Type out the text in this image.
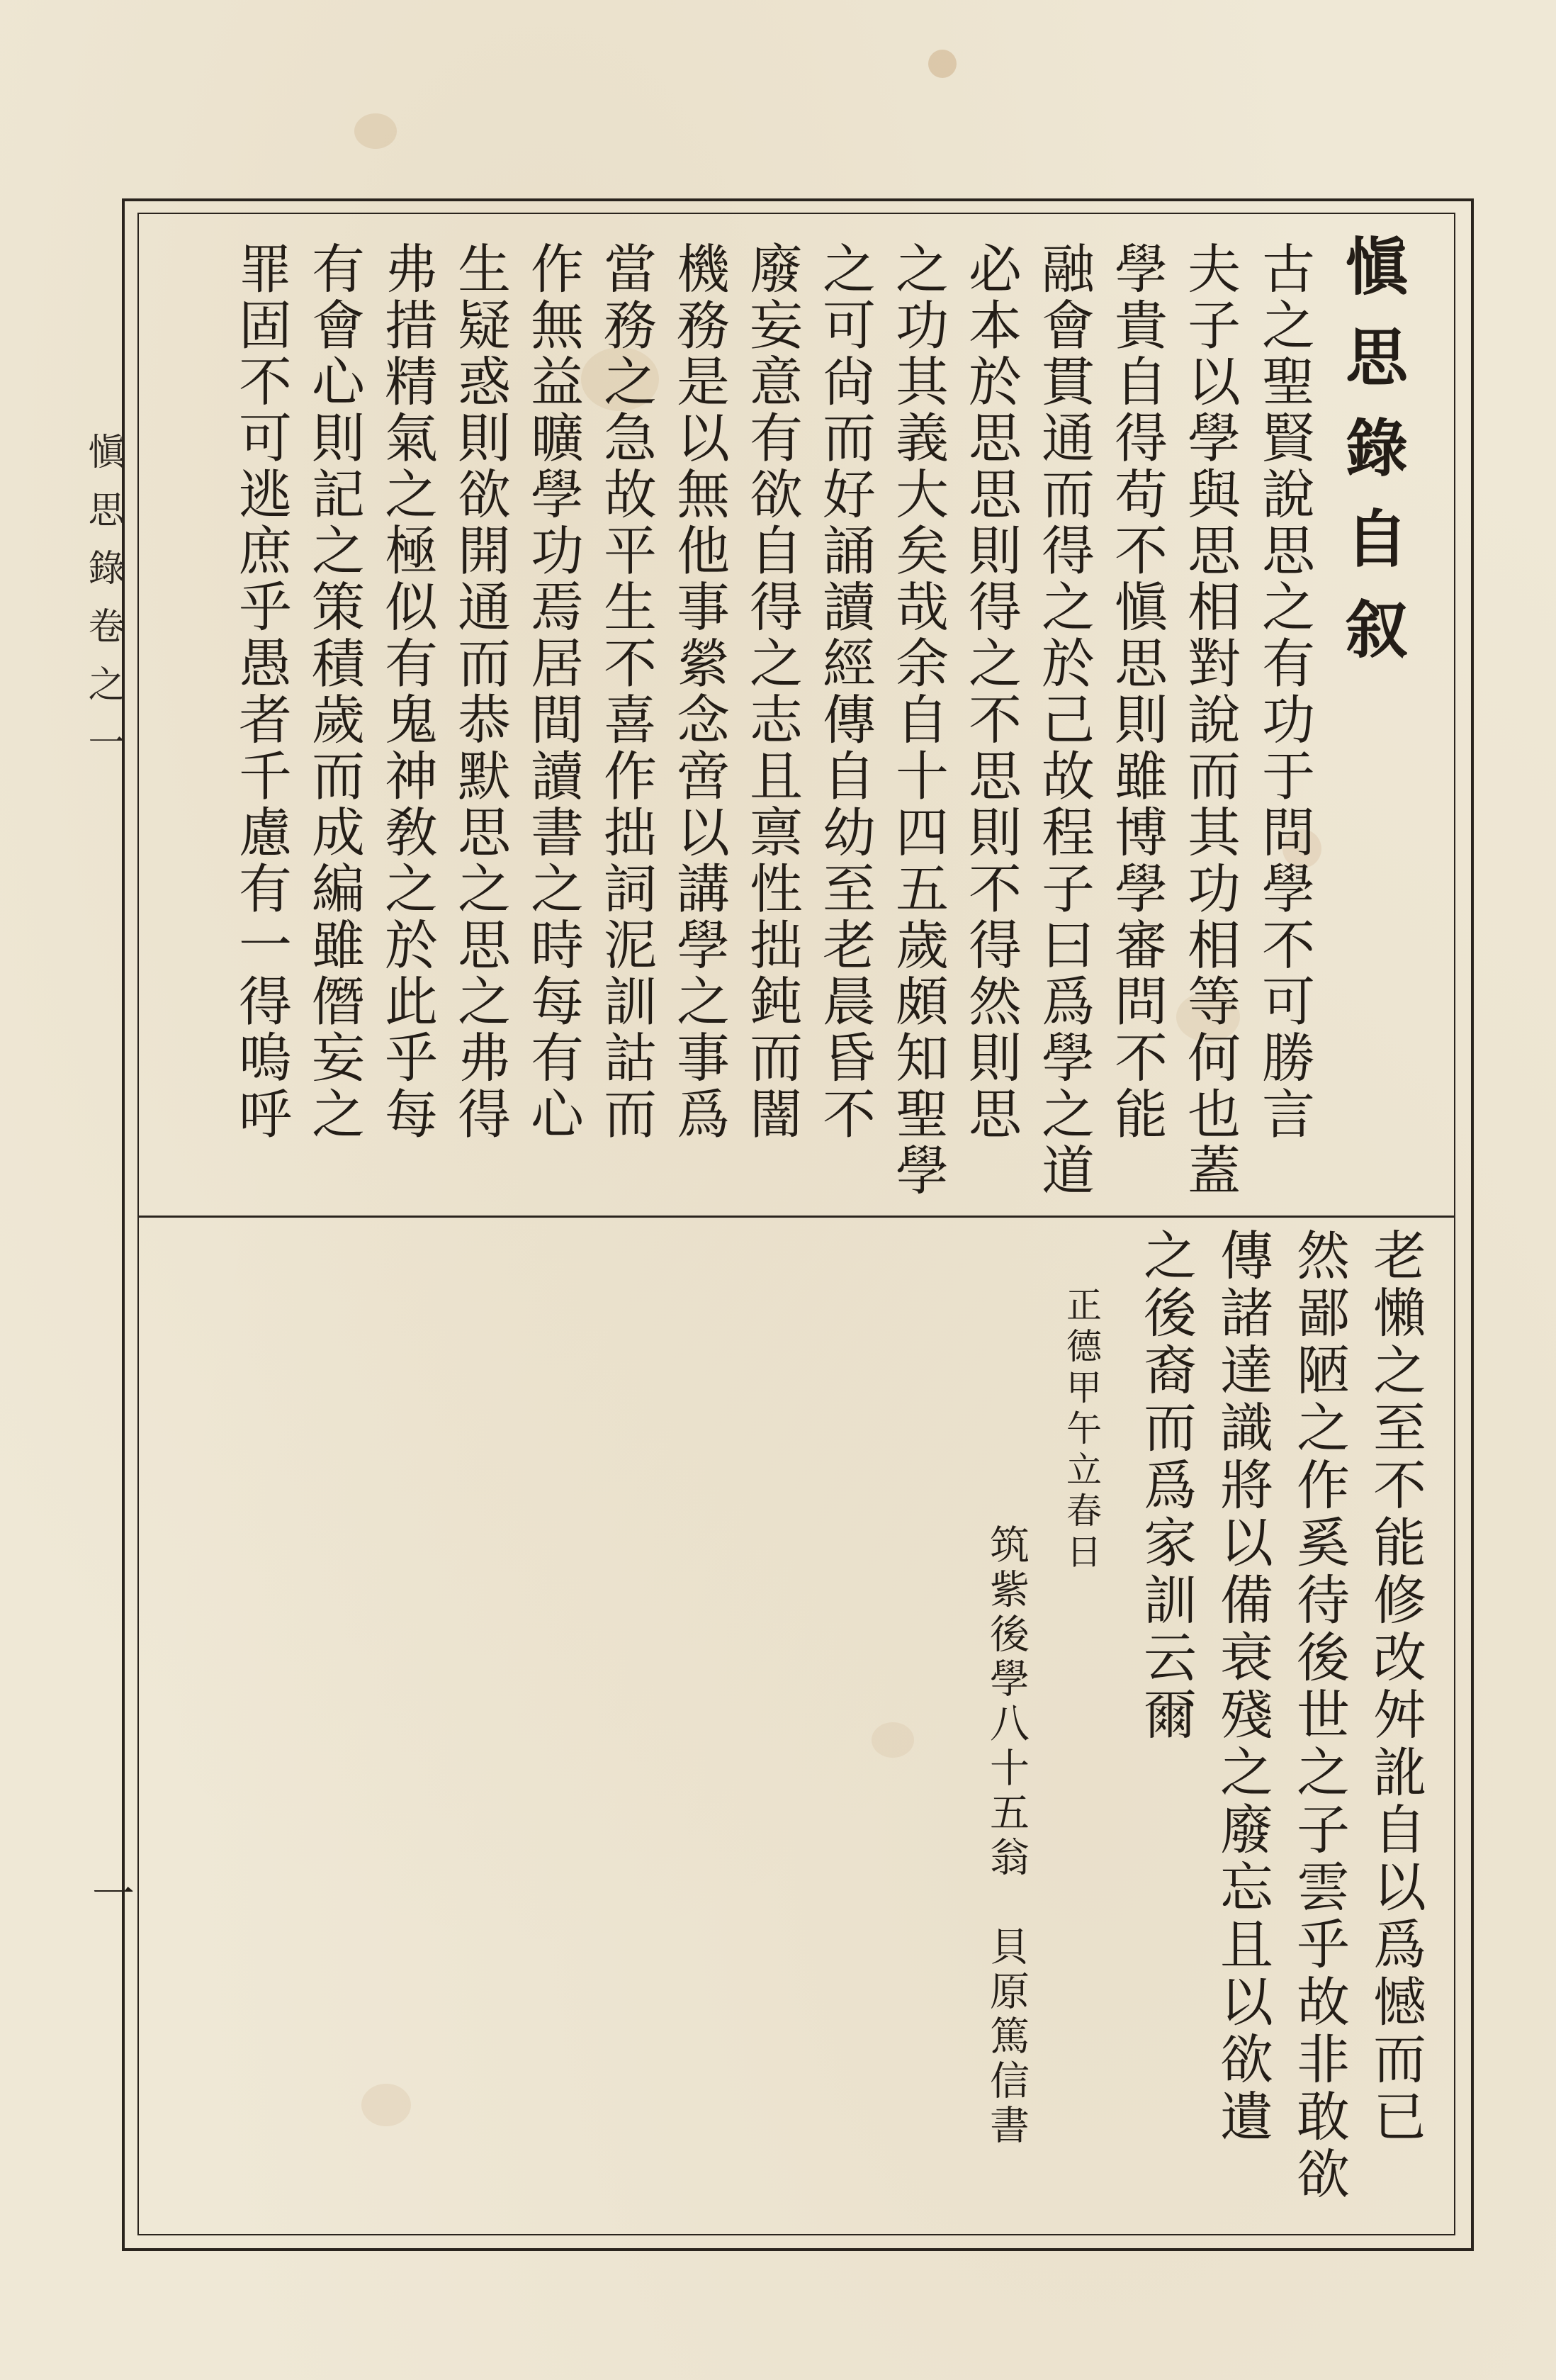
愼思錄卷之一
一
愼思錄自叙
古之聖賢說思之有功于問學不可勝言
夫子以學與思相對說而其功相等何也蓋
學貴自得苟不愼思則雖博學審問不能
融會貫通而得之於己故程子曰爲學之道
必本於思思則得之不思則不得然則思
之功其義大矣哉余自十四五歲頗知聖學
之可尙而好誦讀經傳自幼至老晨昏不
廢妄意有欲自得之志且禀性拙鈍而闇
機務是以無他事縈念啻以講學之事爲
當務之急故平生不喜作拙詞泥訓詁而
作無益曠學功焉居間讀書之時每有心
生疑惑則欲開通而恭默思之思之弗得
弗措精氣之極似有鬼神敎之於此乎每
有會心則記之策積歲而成編雖僭妄之
罪固不可逃庶乎愚者千慮有一得嗚呼
老懶之至不能修改舛訛自以爲憾而已
然鄙陋之作奚待後世之子雲乎故非敢欲
傳諸達識將以備衰殘之廢忘且以欲遺
之後裔而爲家訓云爾
正德甲午立春日
筑紫後學八十五翁　貝原篤信書
